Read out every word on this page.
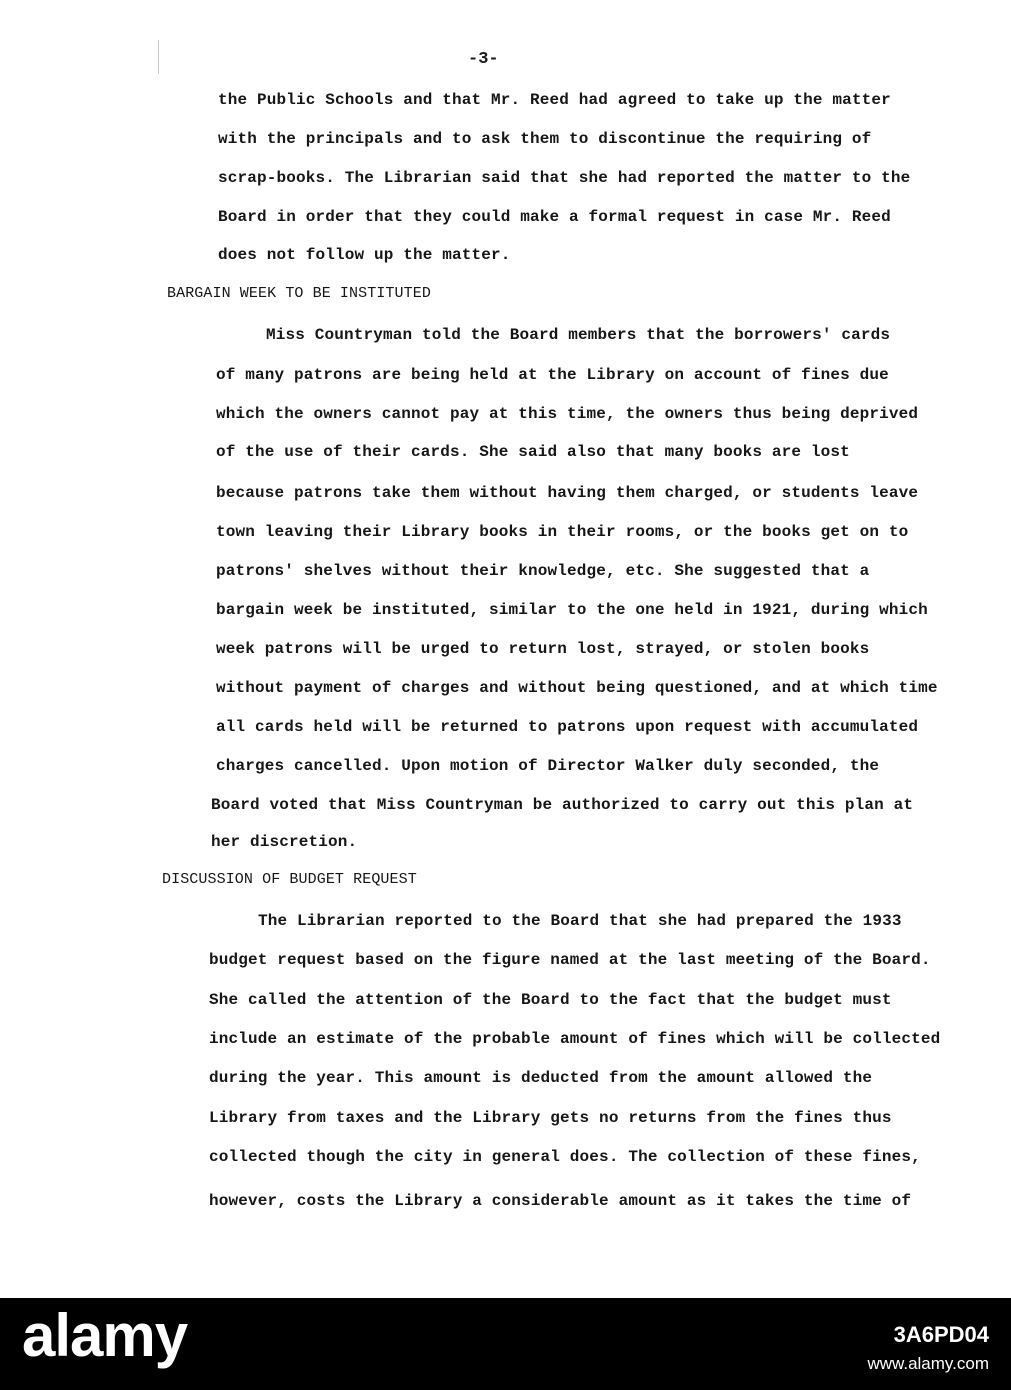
-3-
the Public Schools and that Mr. Reed had agreed to take up the matter
with the principals and to ask them to discontinue the requiring of
scrap-books. The Librarian said that she had reported the matter to the
Board in order that they could make a formal request in case Mr. Reed
does not follow up the matter.
BARGAIN WEEK TO BE INSTITUTED
Miss Countryman told the Board members that the borrowers' cards
of many patrons are being held at the Library on account of fines due
which the owners cannot pay at this time, the owners thus being deprived
of the use of their cards. She said also that many books are lost
because patrons take them without having them charged, or students leave
town leaving their Library books in their rooms, or the books get on to
patrons' shelves without their knowledge, etc. She suggested that a
bargain week be instituted, similar to the one held in 1921, during which
week patrons will be urged to return lost, strayed, or stolen books
without payment of charges and without being questioned, and at which time
all cards held will be returned to patrons upon request with accumulated
charges cancelled. Upon motion of Director Walker duly seconded, the
Board voted that Miss Countryman be authorized to carry out this plan at
her discretion.
DISCUSSION OF BUDGET REQUEST
The Librarian reported to the Board that she had prepared the 1933
budget request based on the figure named at the last meeting of the Board.
She called the attention of the Board to the fact that the budget must
include an estimate of the probable amount of fines which will be collected
during the year. This amount is deducted from the amount allowed the
Library from taxes and the Library gets no returns from the fines thus
collected though the city in general does. The collection of these fines,
however, costs the Library a considerable amount as it takes the time of
alamy	3A6PD04
www.alamy.com
